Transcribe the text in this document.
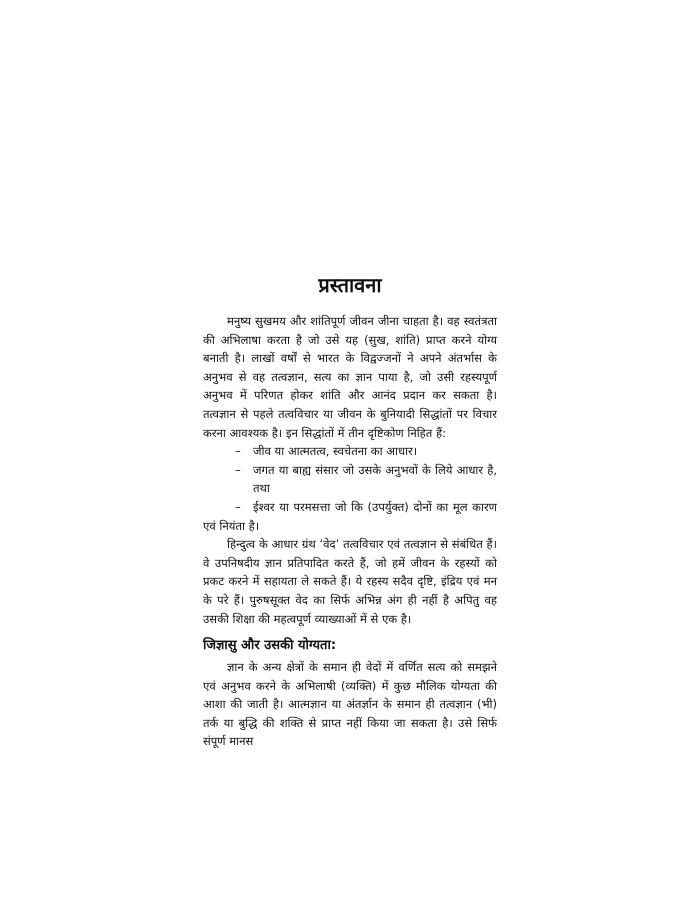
प्रस्तावना

मनुष्य सुखमय और शांतिपूर्ण जीवन जीना चाहता है। वह स्वतंत्रता की अभिलाषा करता है जो उसे यह (सुख, शांति) प्राप्त करने योग्य बनाती है। लाखों वर्षों से भारत के विद्वज्जनों ने अपने अंतर्भास के अनुभव से वह तत्वज्ञान, सत्य का ज्ञान पाया है, जो उसी रहस्यपूर्ण अनुभव में परिणत होकर शांति और आनंद प्रदान कर सकता है। तत्वज्ञान से पहले तत्वविचार या जीवन के बुनियादी सिद्धांतों पर विचार करना आवश्यक है। इन सिद्धांतों में तीन दृष्टिकोण निहित हैं:

– जीव या आत्मतत्व, स्वचेतना का आधार।
– जगत या बाह्य संसार जो उसके अनुभवों के लिये आधार है, तथा
– ईश्वर या परमसत्ता जो कि (उपर्युक्त) दोनों का मूल कारण एवं नियंता है।

हिन्दुत्व के आधार ग्रंथ ‘वेद’ तत्वविचार एवं तत्वज्ञान से संबंधित हैं। वे उपनिषदीय ज्ञान प्रतिपादित करते हैं, जो हमें जीवन के रहस्यों को प्रकट करने में सहायता ले सकते हैं। ये रहस्य सदैव दृष्टि, इंद्रिय एवं मन के परे हैं। पुरुषसूक्त वेद का सिर्फ अभिन्न अंग ही नहीं है अपितु वह उसकी शिक्षा की महत्वपूर्ण व्याख्याओं में से एक है।

जिज्ञासु और उसकी योग्यता:

ज्ञान के अन्य क्षेत्रों के समान ही वेदों में वर्णित सत्य को समझने एवं अनुभव करने के अभिलाषी (व्यक्ति) में कुछ मौलिक योग्यता की आशा की जाती है। आत्मज्ञान या अंतर्ज्ञान के समान ही तत्वज्ञान (भी) तर्क या बुद्धि की शक्ति से प्राप्त नहीं किया जा सकता है। उसे सिर्फ संपूर्ण मानस
